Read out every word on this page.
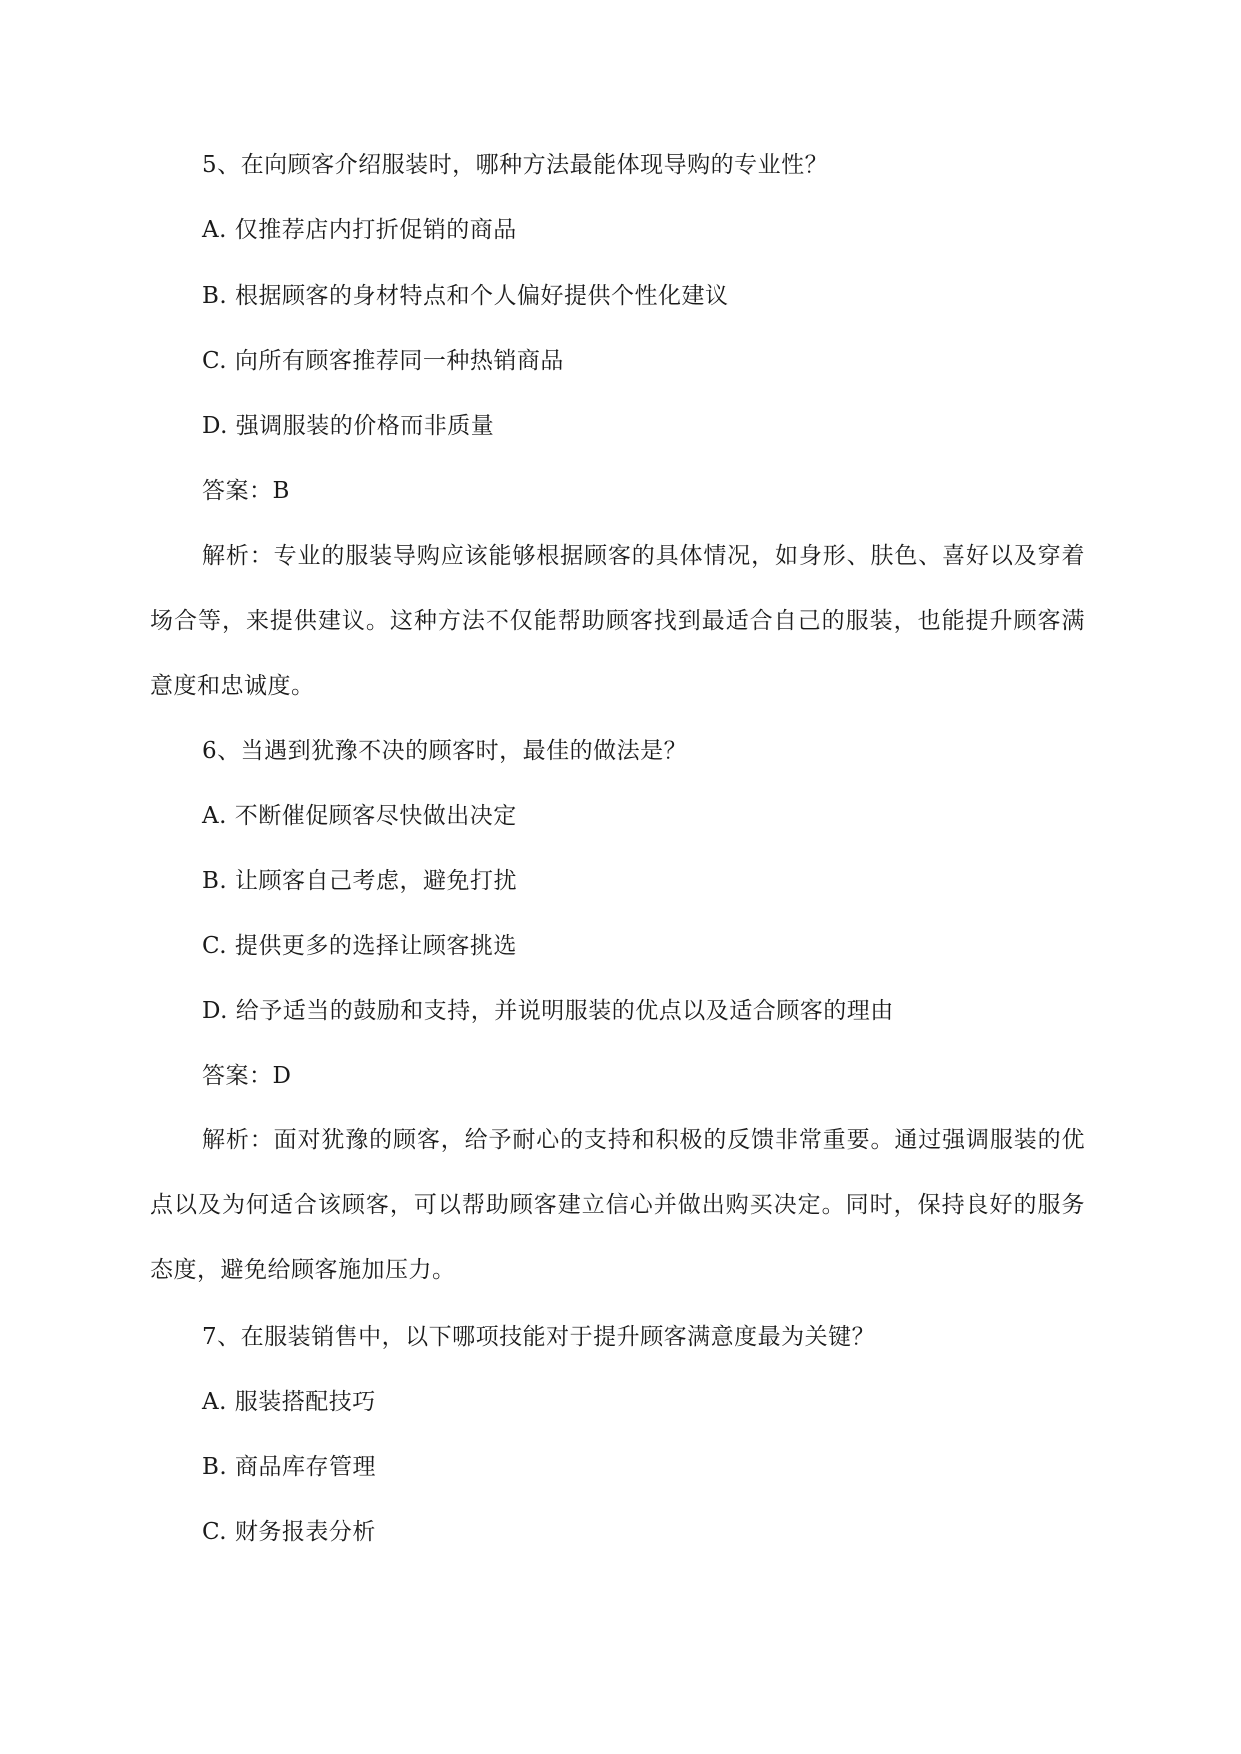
5、在向顾客介绍服装时，哪种方法最能体现导购的专业性？
A. 仅推荐店内打折促销的商品
B. 根据顾客的身材特点和个人偏好提供个性化建议
C. 向所有顾客推荐同一种热销商品
D. 强调服装的价格而非质量
答案：B
解析：专业的服装导购应该能够根据顾客的具体情况，如身形、肤色、喜好以及穿着场合等，来提供建议。这种方法不仅能帮助顾客找到最适合自己的服装，也能提升顾客满意度和忠诚度。
6、当遇到犹豫不决的顾客时，最佳的做法是？
A. 不断催促顾客尽快做出决定
B. 让顾客自己考虑，避免打扰
C. 提供更多的选择让顾客挑选
D. 给予适当的鼓励和支持，并说明服装的优点以及适合顾客的理由
答案：D
解析：面对犹豫的顾客，给予耐心的支持和积极的反馈非常重要。通过强调服装的优点以及为何适合该顾客，可以帮助顾客建立信心并做出购买决定。同时，保持良好的服务态度，避免给顾客施加压力。
7、在服装销售中，以下哪项技能对于提升顾客满意度最为关键？
A. 服装搭配技巧
B. 商品库存管理
C. 财务报表分析
